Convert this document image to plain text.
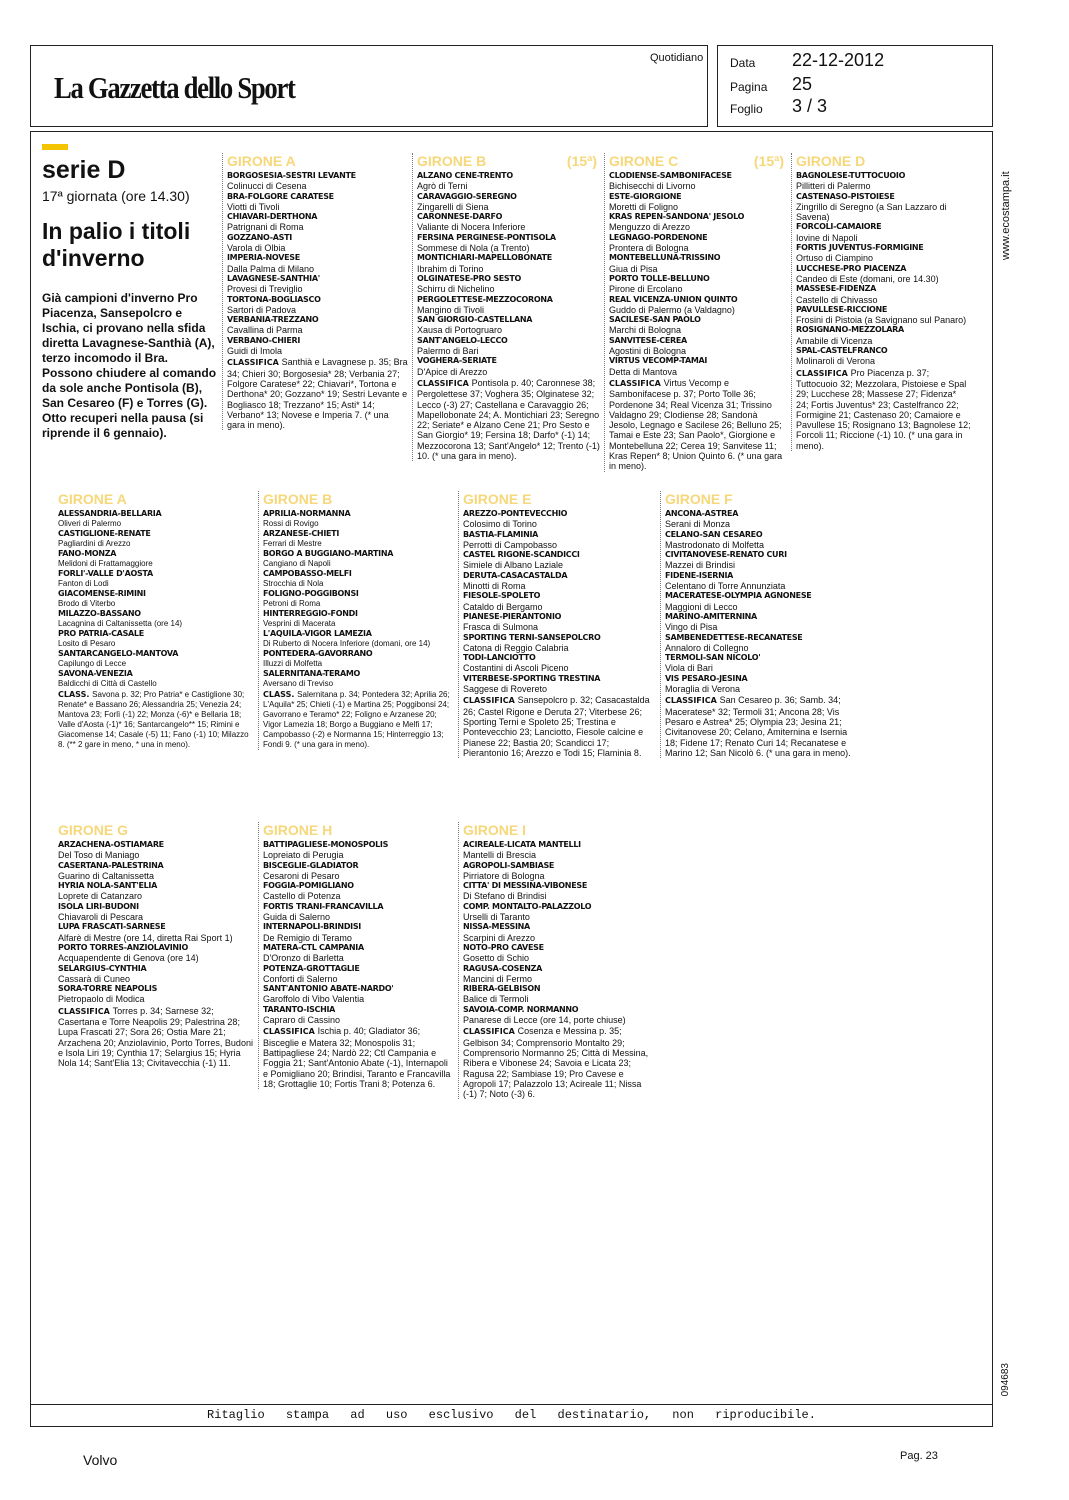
La Gazzetta dello Sport
Quotidiano Data 22-12-2012
Pagina 25
Foglio 3 / 3
www.ecostampa.it
094683
serie D
17ª giornata (ore 14.30)
In palio i titoli d'inverno
Già campioni d'inverno Pro Piacenza, Sansepolcro e Ischia, ci provano nella sfida diretta Lavagnese-Santhià (A), terzo incomodo il Bra. Possono chiudere al comando da sole anche Pontisola (B), San Cesareo (F) e Torres (G). Otto recuperi nella pausa (si riprende il 6 gennaio).
GIRONE A
BORGOSESIA-SESTRI LEVANTE
Colinucci di Cesena
BRA-FOLGORE CARATESE
Viotti di Tivoli
CHIAVARI-DERTHONA
Patrignani di Roma
GOZZANO-ASTI
Varola di Olbia
IMPERIA-NOVESE
Dalla Palma di Milano
LAVAGNESE-SANTHIA'
Provesi di Treviglio
TORTONA-BOGLIASCO
Sartori di Padova
VERBANIA-TREZZANO
Cavallina di Parma
VERBANO-CHIERI
Guidi di Imola
CLASSIFICA Santhià e Lavagnese p. 35; Bra 34; Chieri 30; Borgosesia* 28; Verbania 27; Folgore Caratese* 22; Chiavari*, Tortona e Derthona* 20; Gozzano* 19; Sestri Levante e Bogliasco 18; Trezzano* 15; Asti* 14; Verbano* 13; Novese e Imperia 7. (* una gara in meno).
GIRONE B	(15ª)
ALZANO CENE-TRENTO
Agrò di Terni
CARAVAGGIO-SEREGNO
Zingarelli di Siena
CARONNESE-DARFO
Valiante di Nocera Inferiore
FERSINA PERGINESE-PONTISOLA
Sommese di Nola (a Trento)
MONTICHIARI-MAPELLOBONATE
Ibrahim di Torino
OLGINATESE-PRO SESTO
Schirru di Nichelino
PERGOLETTESE-MEZZOCORONA
Mangino di Tivoli
SAN GIORGIO-CASTELLANA
Xausa di Portogruaro
SANT'ANGELO-LECCO
Palermo di Bari
VOGHERA-SERIATE
D'Apice di Arezzo
CLASSIFICA Pontisola p. 40; Caronnese 38; Pergolettese 37; Voghera 35; Olginatese 32; Lecco (-3) 27; Castellana e Caravaggio 26; Mapellobonate 24; A. Montichiari 23; Seregno 22; Seriate* e Alzano Cene 21; Pro Sesto e San Giorgio* 19; Fersina 18; Darfo* (-1) 14; Mezzocorona 13; Sant'Angelo* 12; Trento (-1) 10. (* una gara in meno).
GIRONE C	(15ª)
CLODIENSE-SAMBONIFACESE
Bichisecchi di Livorno
ESTE-GIORGIONE
Moretti di Foligno
KRAS REPEN-SANDONA' JESOLO
Menguzzo di Arezzo
LEGNAGO-PORDENONE
Prontera di Bologna
MONTEBELLUNA-TRISSINO
Giua di Pisa
PORTO TOLLE-BELLUNO
Pirone di Ercolano
REAL VICENZA-UNION QUINTO
Guddo di Palermo (a Valdagno)
SACILESE-SAN PAOLO
Marchi di Bologna
SANVITESE-CEREA
Agostini di Bologna
VIRTUS VECOMP-TAMAI
Detta di Mantova
CLASSIFICA Virtus Vecomp e Sambonifacese p. 37; Porto Tolle 36; Pordenone 34; Real Vicenza 31; Trissino Valdagno 29; Clodiense 28; Sandonà Jesolo, Legnago e Sacilese 26; Belluno 25; Tamai e Este 23; San Paolo*, Giorgione e Montebelluna 22; Cerea 19; Sanvitese 11; Kras Repen* 8; Union Quinto 6. (* una gara in meno).
GIRONE D
BAGNOLESE-TUTTOCUOIO
Pillitteri di Palermo
CASTENASO-PISTOIESE
Zingrillo di Seregno (a San Lazzaro di Savena)
FORCOLI-CAMAIORE
Iovine di Napoli
FORTIS JUVENTUS-FORMIGINE
Ortuso di Ciampino
LUCCHESE-PRO PIACENZA
Candeo di Este (domani, ore 14.30)
MASSESE-FIDENZA
Castello di Chivasso
PAVULLESE-RICCIONE
Frosini di Pistoia (a Savignano sul Panaro)
ROSIGNANO-MEZZOLARA
Amabile di Vicenza
SPAL-CASTELFRANCO
Molinaroli di Verona
CLASSIFICA Pro Piacenza p. 37; Tuttocuoio 32; Mezzolara, Pistoiese e Spal 29; Lucchese 28; Massese 27; Fidenza* 24; Fortis Juventus* 23; Castelfranco 22; Formigine 21; Castenaso 20; Camaiore e Pavullese 15; Rosignano 13; Bagnolese 12; Forcoli 11; Riccione (-1) 10. (* una gara in meno).
GIRONE A
ALESSANDRIA-BELLARIA
Oliveri di Palermo
CASTIGLIONE-RENATE
Pagliardini di Arezzo
FANO-MONZA
Melidoni di Frattamaggiore
FORLI'-VALLE D'AOSTA
Fanton di Lodi
GIACOMENSE-RIMINI
Brodo di Viterbo
MILAZZO-BASSANO
Lacagnina di Caltanissetta (ore 14)
PRO PATRIA-CASALE
Losito di Pesaro
SANTARCANGELO-MANTOVA
Capilungo di Lecce
SAVONA-VENEZIA
Baldicchi di Città di Castello
CLASS. Savona p. 32; Pro Patria* e Castiglione 30; Renate* e Bassano 26; Alessandria 25; Venezia 24; Mantova 23; Forlì (-1) 22; Monza (-6)* e Bellaria 18; Valle d'Aosta (-1)* 16; Santarcangelo** 15; Rimini e Giacomense 14; Casale (-5) 11; Fano (-1) 10; Milazzo 8. (** 2 gare in meno, * una in meno).
GIRONE B
APRILIA-NORMANNA
Rossi di Rovigo
ARZANESE-CHIETI
Ferrari di Mestre
BORGO A BUGGIANO-MARTINA
Cangiano di Napoli
CAMPOBASSO-MELFI
Strocchia di Nola
FOLIGNO-POGGIBONSI
Petroni di Roma
HINTERREGGIO-FONDI
Vesprini di Macerata
L'AQUILA-VIGOR LAMEZIA
Di Ruberto di Nocera Inferiore (domani, ore 14)
PONTEDERA-GAVORRANO
Illuzzi di Molfetta
SALERNITANA-TERAMO
Aversano di Treviso
CLASS. Salernitana p. 34; Pontedera 32; Aprilia 26; L'Aquila* 25; Chieti (-1) e Martina 25; Poggibonsi 24; Gavorrano e Teramo* 22; Foligno e Arzanese 20; Vigor Lamezia 18; Borgo a Buggiano e Melfi 17; Campobasso (-2) e Normanna 15; Hinterreggio 13; Fondi 9. (* una gara in meno).
GIRONE E
AREZZO-PONTEVECCHIO
Colosimo di Torino
BASTIA-FLAMINIA
Perrotti di Campobasso
CASTEL RIGONE-SCANDICCI
Simiele di Albano Laziale
DERUTA-CASACASTALDA
Minotti di Roma
FIESOLE-SPOLETO
Cataldo di Bergamo
PIANESE-PIERANTONIO
Frasca di Sulmona
SPORTING TERNI-SANSEPOLCRO
Catona di Reggio Calabria
TODI-LANCIOTTO
Costantini di Ascoli Piceno
VITERBESE-SPORTING TRESTINA
Saggese di Rovereto
CLASSIFICA Sansepolcro p. 32; Casacastalda 26; Castel Rigone e Deruta 27; Viterbese 26; Sporting Terni e Spoleto 25; Trestina e Pontevecchio 23; Lanciotto, Fiesole calcine e Pianese 22; Bastia 20; Scandicci 17; Pierantonio 16; Arezzo e Todi 15; Flaminia 8.
GIRONE F
ANCONA-ASTREA
Serani di Monza
CELANO-SAN CESAREO
Mastrodonato di Molfetta
CIVITANOVESE-RENATO CURI
Mazzei di Brindisi
FIDENE-ISERNIA
Celentano di Torre Annunziata
MACERATESE-OLYMPIA AGNONESE
Maggioni di Lecco
MARINO-AMITERNINA
Vingo di Pisa
SAMBENEDETTESE-RECANATESE
Annaloro di Collegno
TERMOLI-SAN NICOLO'
Viola di Bari
VIS PESARO-JESINA
Moraglia di Verona
CLASSIFICA San Cesareo p. 36; Samb. 34; Maceratese* 32; Termoli 31; Ancona 28; Vis Pesaro e Astrea* 25; Olympia 23; Jesina 21; Civitanovese 20; Celano, Amiternina e Isernia 18; Fidene 17; Renato Curi 14; Recanatese e Marino 12; San Nicolò 6. (* una gara in meno).
GIRONE G
ARZACHENA-OSTIAMARE
Del Toso di Maniago
CASERTANA-PALESTRINA
Guarino di Caltanissetta
HYRIA NOLA-SANT'ELIA
Loprete di Catanzaro
ISOLA LIRI-BUDONI
Chiavaroli di Pescara
LUPA FRASCATI-SARNESE
Alfarè di Mestre (ore 14, diretta Rai Sport 1)
PORTO TORRES-ANZIOLAVINIO
Acquapendente di Genova (ore 14)
SELARGIUS-CYNTHIA
Cassarà di Cuneo
SORA-TORRE NEAPOLIS
Pietropaolo di Modica
CLASSIFICA Torres p. 34; Sarnese 32; Casertana e Torre Neapolis 29; Palestrina 28; Lupa Frascati 27; Sora 26; Ostia Mare 21; Arzachena 20; Anziolavinio, Porto Torres, Budoni e Isola Liri 19; Cynthia 17; Selargius 15; Hyria Nola 14; Sant'Elia 13; Civitavecchia (-1) 11.
GIRONE H
BATTIPAGLIESE-MONOSPOLIS
Lopreiato di Perugia
BISCEGLIE-GLADIATOR
Cesaroni di Pesaro
FOGGIA-POMIGLIANO
Castello di Potenza
FORTIS TRANI-FRANCAVILLA
Guida di Salerno
INTERNAPOLI-BRINDISI
De Remigio di Teramo
MATERA-CTL CAMPANIA
D'Oronzo di Barletta
POTENZA-GROTTAGLIE
Conforti di Salerno
SANT'ANTONIO ABATE-NARDO'
Garoffolo di Vibo Valentia
TARANTO-ISCHIA
Capraro di Cassino
CLASSIFICA Ischia p. 40; Gladiator 36; Bisceglie e Matera 32; Monospolis 31; Battipagliese 24; Nardò 22; Ctl Campania e Foggia 21; Sant'Antonio Abate (-1), Internapoli e Pomigliano 20; Brindisi, Taranto e Francavilla 18; Grottaglie 10; Fortis Trani 8; Potenza 6.
GIRONE I
ACIREALE-LICATA MANTELLI
Mantelli di Brescia
AGROPOLI-SAMBIASE
Pirriatore di Bologna
CITTA' DI MESSINA-VIBONESE
Di Stefano di Brindisi
COMP. MONTALTO-PALAZZOLO
Urselli di Taranto
NISSA-MESSINA
Scarpini di Arezzo
NOTO-PRO CAVESE
Gosetto di Schio
RAGUSA-COSENZA
Mancini di Fermo
RIBERA-GELBISON
Balice di Termoli
SAVOIA-COMP. NORMANNO
Panarese di Lecce (ore 14, porte chiuse)
CLASSIFICA Cosenza e Messina p. 35; Gelbison 34; Comprensorio Montalto 29; Comprensorio Normanno 25; Città di Messina, Ribera e Vibonese 24; Savoia e Licata 23; Ragusa 22; Sambiase 19; Pro Cavese e Agropoli 17; Palazzolo 13; Acireale 11; Nissa (-1) 7; Noto (-3) 6.
Ritaglio stampa ad uso esclusivo del destinatario, non riproducibile.
Volvo	Pag. 23
